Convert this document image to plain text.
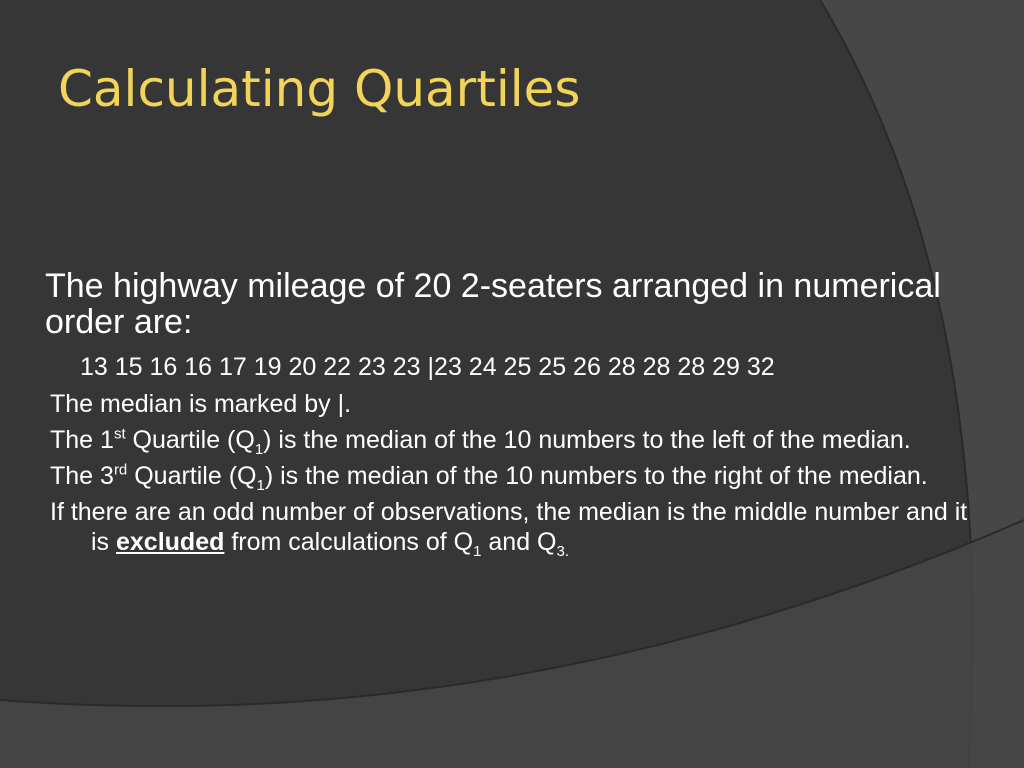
Calculating Quartiles

The highway mileage of 20 2-seaters arranged in numerical order are:

13 15 16 16 17 19 20 22 23 23 |23 24 25 25 26 28 28 28 29 32

The median is marked by |.

The 1st Quartile $(Q_1)$ is the median of the 10 numbers to the left of the median.

The 3rd Quartile $(Q_1)$ is the median of the 10 numbers to the right of the median.

If there are an odd number of observations, the median is the middle number and it is excluded from calculations of $Q_1$ and $Q_{3.}$
